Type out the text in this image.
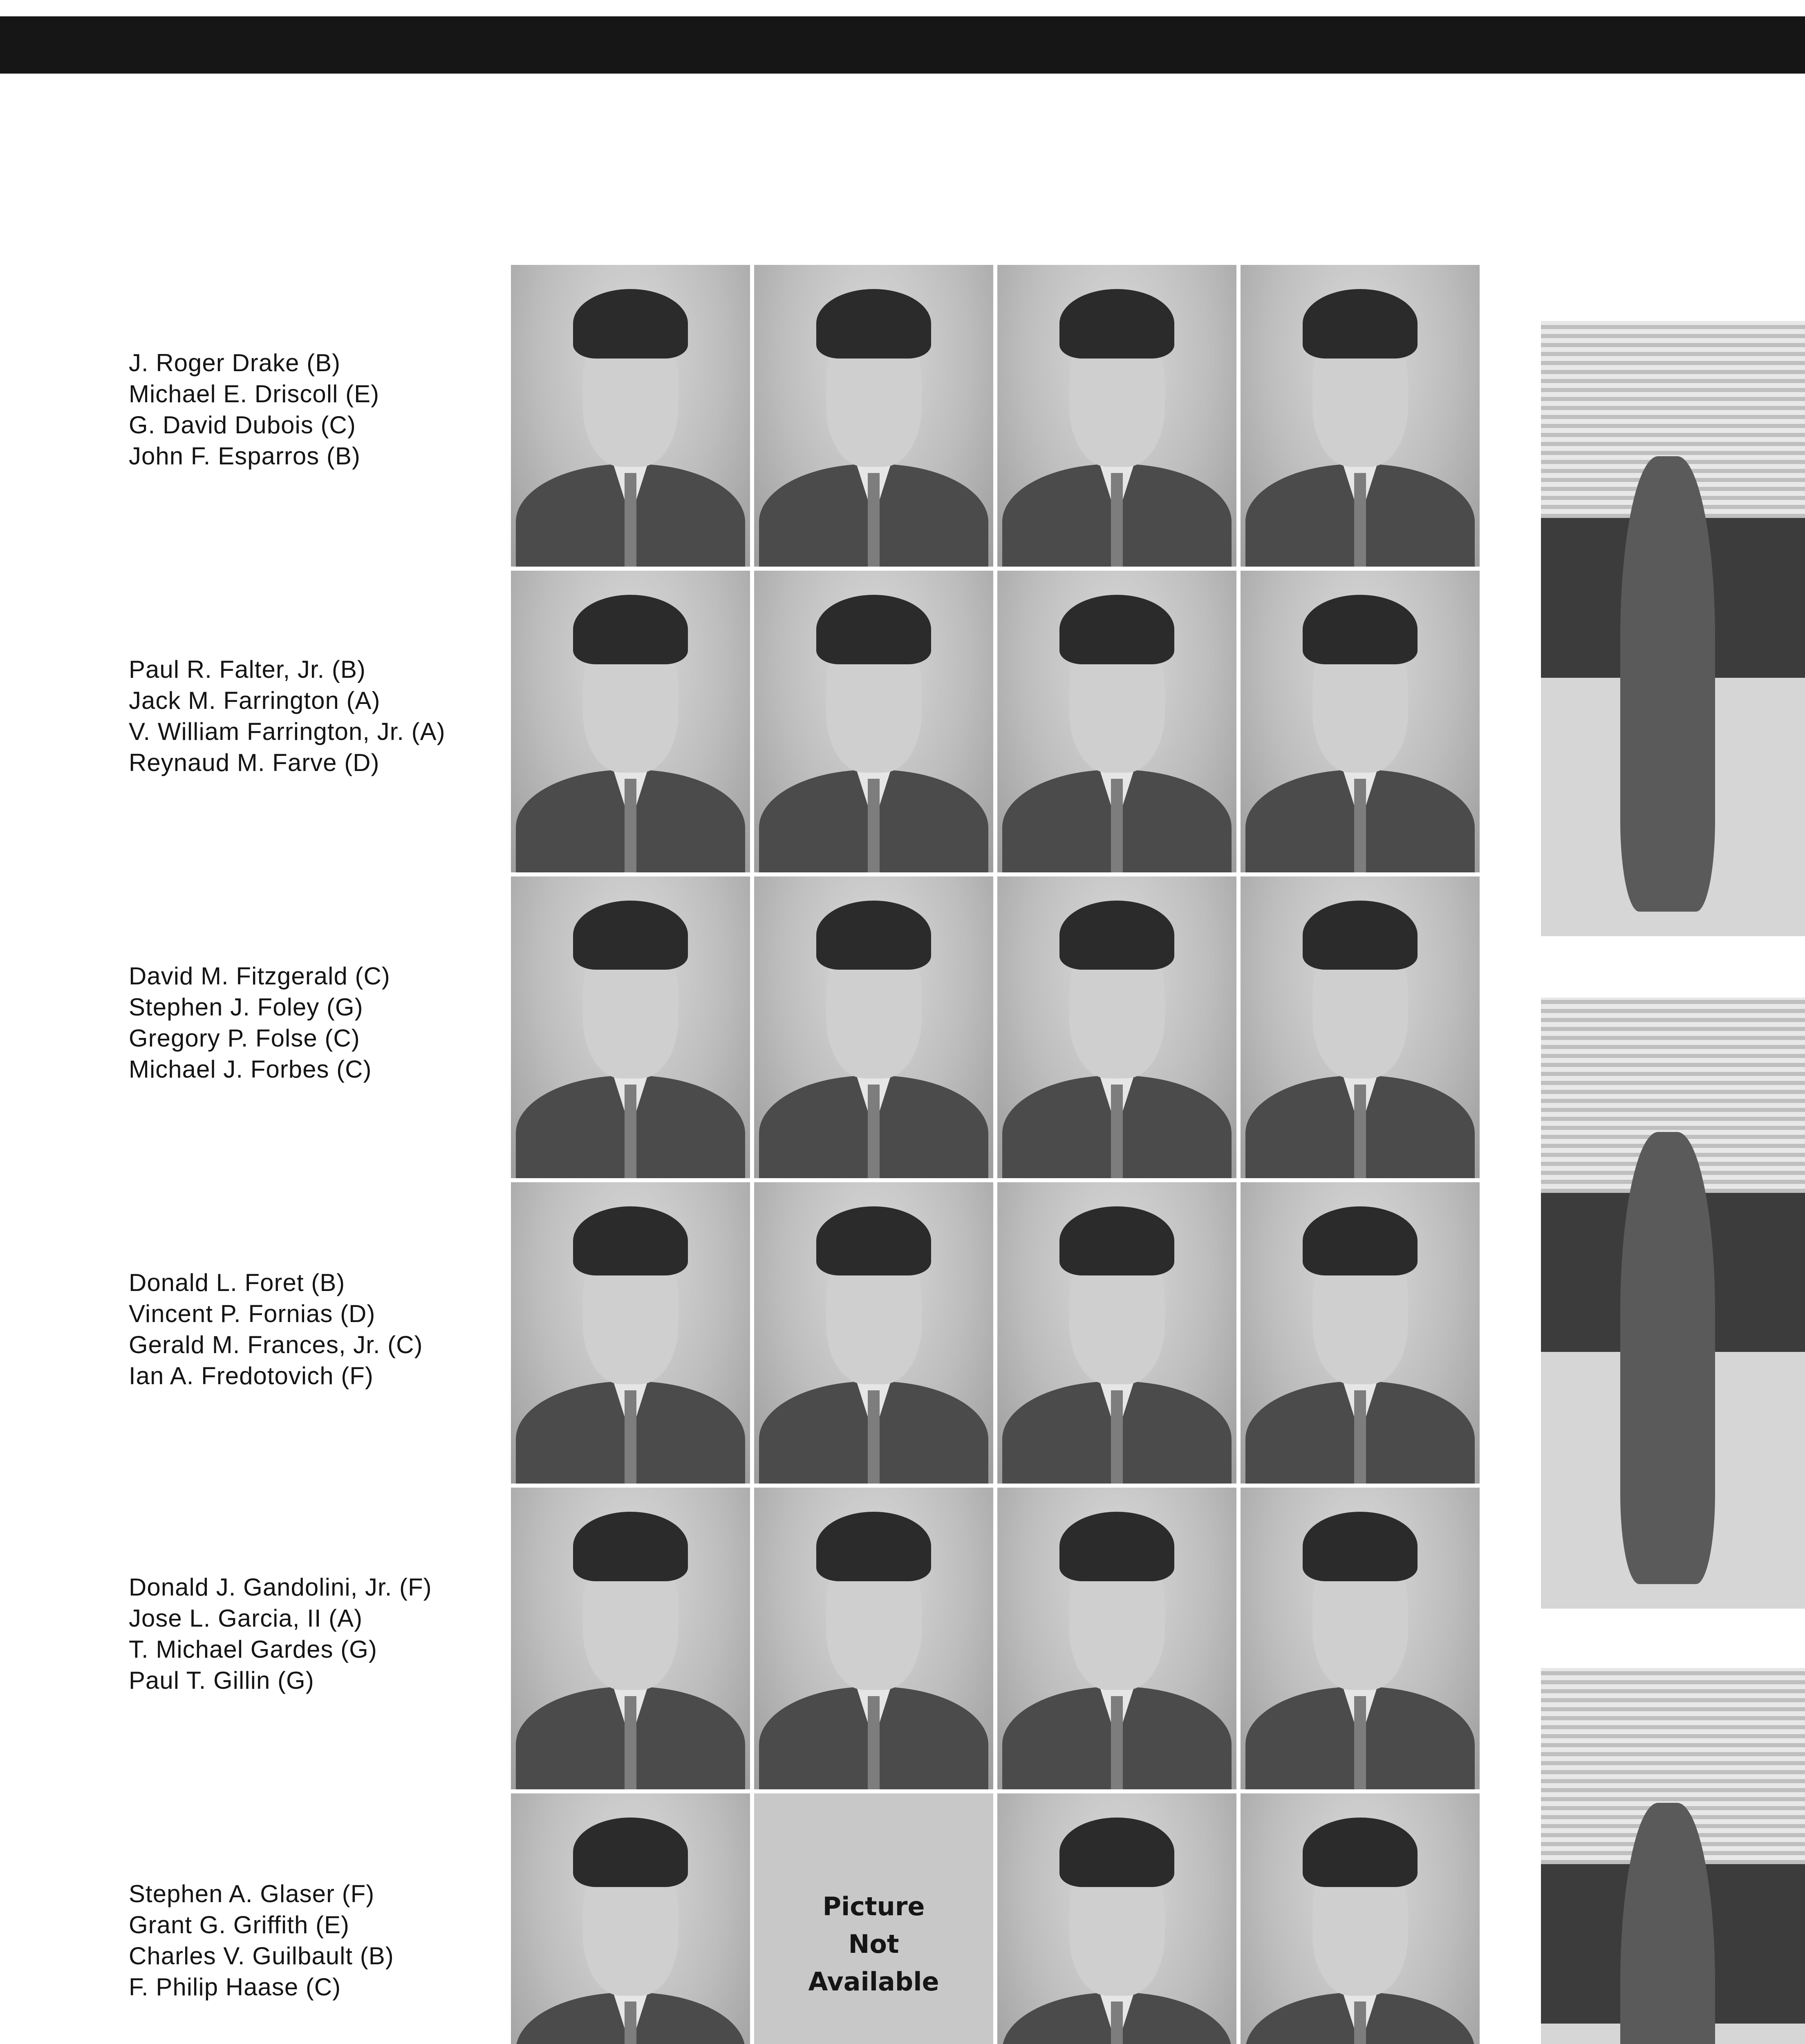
J. Roger Drake (B)
Michael E. Driscoll (E)
G. David Dubois (C)
John F. Esparros (B)
Paul R. Falter, Jr. (B)
Jack M. Farrington (A)
V. William Farrington, Jr. (A)
Reynaud M. Farve (D)
David M. Fitzgerald (C)
Stephen J. Foley (G)
Gregory P. Folse (C)
Michael J. Forbes (C)
Donald L. Foret (B)
Vincent P. Fornias (D)
Gerald M. Frances, Jr. (C)
Ian A. Fredotovich (F)
Donald J. Gandolini, Jr. (F)
Jose L. Garcia, II (A)
T. Michael Gardes (G)
Paul T. Gillin (G)
Stephen A. Glaser (F)
Grant G. Griffith (E)
Charles V. Guilbault (B)
F. Philip Haase (C)
Picture
Not
Available
